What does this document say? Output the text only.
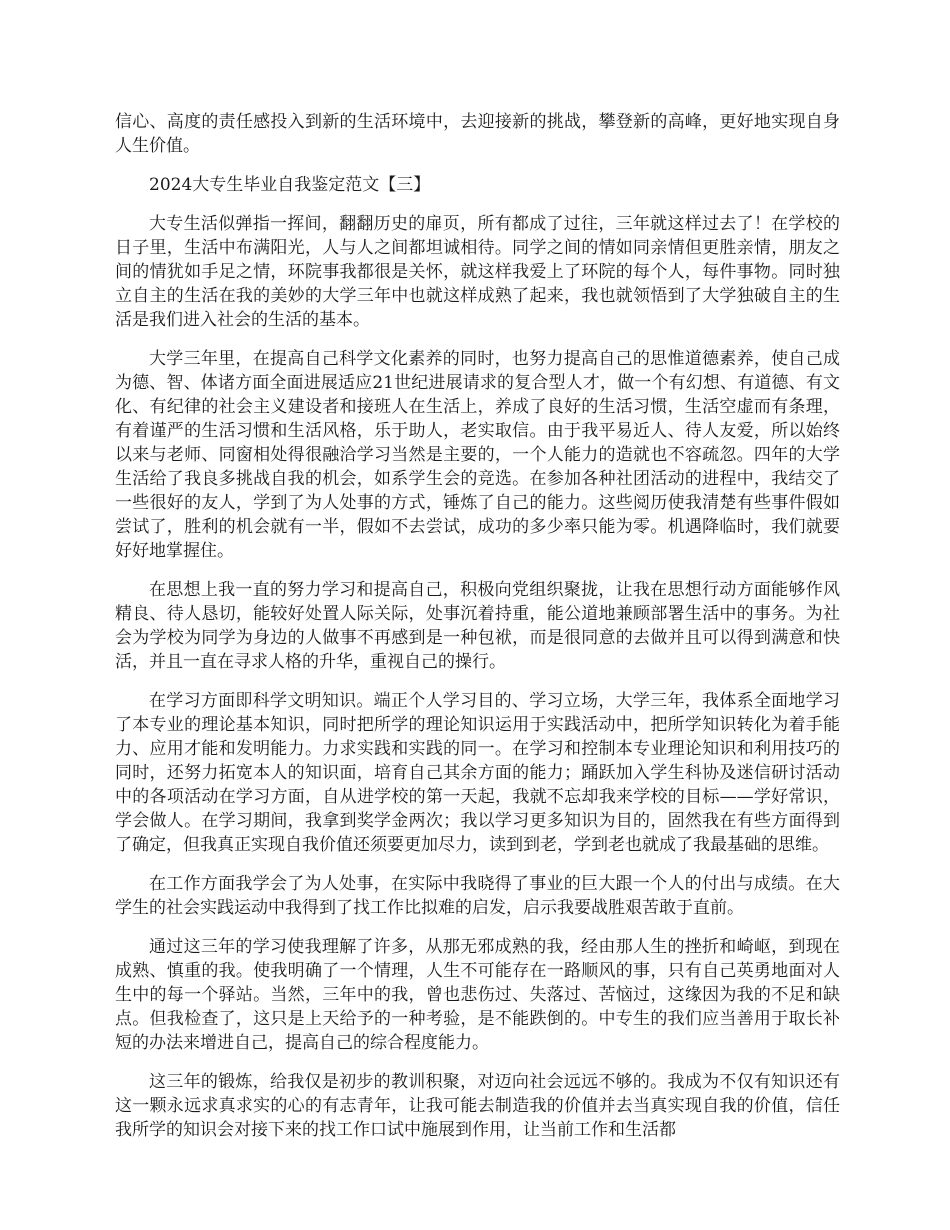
信心、高度的责任感投入到新的生活环境中，去迎接新的挑战，攀登新的高峰，更好地实现自身人生价值。

2024大专生毕业自我鉴定范文【三】

大专生活似弹指一挥间，翻翻历史的扉页，所有都成了过往，三年就这样过去了！在学校的日子里，生活中布满阳光，人与人之间都坦诚相待。同学之间的情如同亲情但更胜亲情，朋友之间的情犹如手足之情，环院事我都很是关怀，就这样我爱上了环院的每个人，每件事物。同时独立自主的生活在我的美妙的大学三年中也就这样成熟了起来，我也就领悟到了大学独破自主的生活是我们进入社会的生活的基本。

大学三年里，在提高自己科学文化素养的同时，也努力提高自己的思惟道德素养，使自己成为德、智、体诸方面全面进展适应21世纪进展请求的复合型人才，做一个有幻想、有道德、有文化、有纪律的社会主义建设者和接班人在生活上，养成了良好的生活习惯，生活空虚而有条理，有着谨严的生活习惯和生活风格，乐于助人，老实取信。由于我平易近人、待人友爱，所以始终以来与老师、同窗相处得很融洽学习当然是主要的，一个人能力的造就也不容疏忽。四年的大学生活给了我良多挑战自我的机会，如系学生会的竞选。在参加各种社团活动的进程中，我结交了一些很好的友人，学到了为人处事的方式，锤炼了自己的能力。这些阅历使我清楚有些事件假如尝试了，胜利的机会就有一半，假如不去尝试，成功的多少率只能为零。机遇降临时，我们就要好好地掌握住。

在思想上我一直的努力学习和提高自己，积极向党组织聚拢，让我在思想行动方面能够作风精良、待人恳切，能较好处置人际关际，处事沉着持重，能公道地兼顾部署生活中的事务。为社会为学校为同学为身边的人做事不再感到是一种包袱，而是很同意的去做并且可以得到满意和快活，并且一直在寻求人格的升华，重视自己的操行。

在学习方面即科学文明知识。端正个人学习目的、学习立场，大学三年，我体系全面地学习了本专业的理论基本知识，同时把所学的理论知识运用于实践活动中，把所学知识转化为着手能力、应用才能和发明能力。力求实践和实践的同一。在学习和控制本专业理论知识和利用技巧的同时，还努力拓宽本人的知识面，培育自己其余方面的能力；踊跃加入学生科协及迷信研讨活动中的各项活动在学习方面，自从进学校的第一天起，我就不忘却我来学校的目标——学好常识，学会做人。在学习期间，我拿到奖学金两次；我以学习更多知识为目的，固然我在有些方面得到了确定，但我真正实现自我价值还须要更加尽力，读到到老，学到老也就成了我最基础的思维。

在工作方面我学会了为人处事，在实际中我晓得了事业的巨大跟一个人的付出与成绩。在大学生的社会实践运动中我得到了找工作比拟难的启发，启示我要战胜艰苦敢于直前。

通过这三年的学习使我理解了许多，从那无邪成熟的我，经由那人生的挫折和崎岖，到现在成熟、慎重的我。使我明确了一个情理，人生不可能存在一路顺风的事，只有自己英勇地面对人生中的每一个驿站。当然，三年中的我，曾也悲伤过、失落过、苦恼过，这缘因为我的不足和缺点。但我检查了，这只是上天给予的一种考验，是不能跌倒的。中专生的我们应当善用于取长补短的办法来增进自己，提高自己的综合程度能力。

这三年的锻炼，给我仅是初步的教训积聚，对迈向社会远远不够的。我成为不仅有知识还有这一颗永远求真求实的心的有志青年，让我可能去制造我的价值并去当真实现自我的价值，信任我所学的知识会对接下来的找工作口试中施展到作用，让当前工作和生活都
